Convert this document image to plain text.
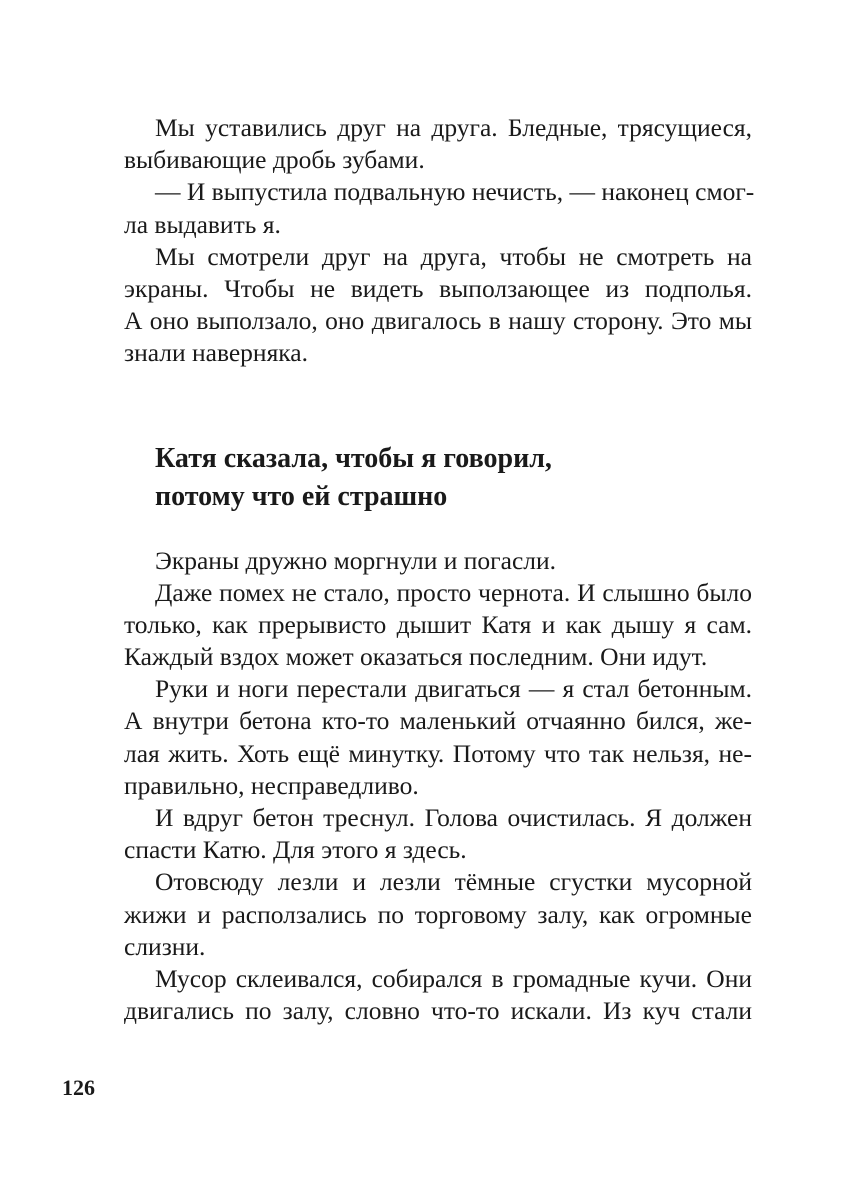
Мы уставились друг на друга. Бледные, трясущиеся,
выбивающие дробь зубами.
— И выпустила подвальную нечисть, — наконец смог-
ла выдавить я.
Мы смотрели друг на друга, чтобы не смотреть на
экраны. Чтобы не видеть выползающее из подполья.
А оно выползало, оно двигалось в нашу сторону. Это мы
знали наверняка.
Катя сказала, чтобы я говорил,
потому что ей страшно
Экраны дружно моргнули и погасли.
Даже помех не стало, просто чернота. И слышно было
только, как прерывисто дышит Катя и как дышу я сам.
Каждый вздох может оказаться последним. Они идут.
Руки и ноги перестали двигаться — я стал бетонным.
А внутри бетона кто-то маленький отчаянно бился, же-
лая жить. Хоть ещё минутку. Потому что так нельзя, не-
правильно, несправедливо.
И вдруг бетон треснул. Голова очистилась. Я должен
спасти Катю. Для этого я здесь.
Отовсюду лезли и лезли тёмные сгустки мусорной
жижи и расползались по торговому залу, как огромные
слизни.
Мусор склеивался, собирался в громадные кучи. Они
двигались по залу, словно что-то искали. Из куч стали
126
